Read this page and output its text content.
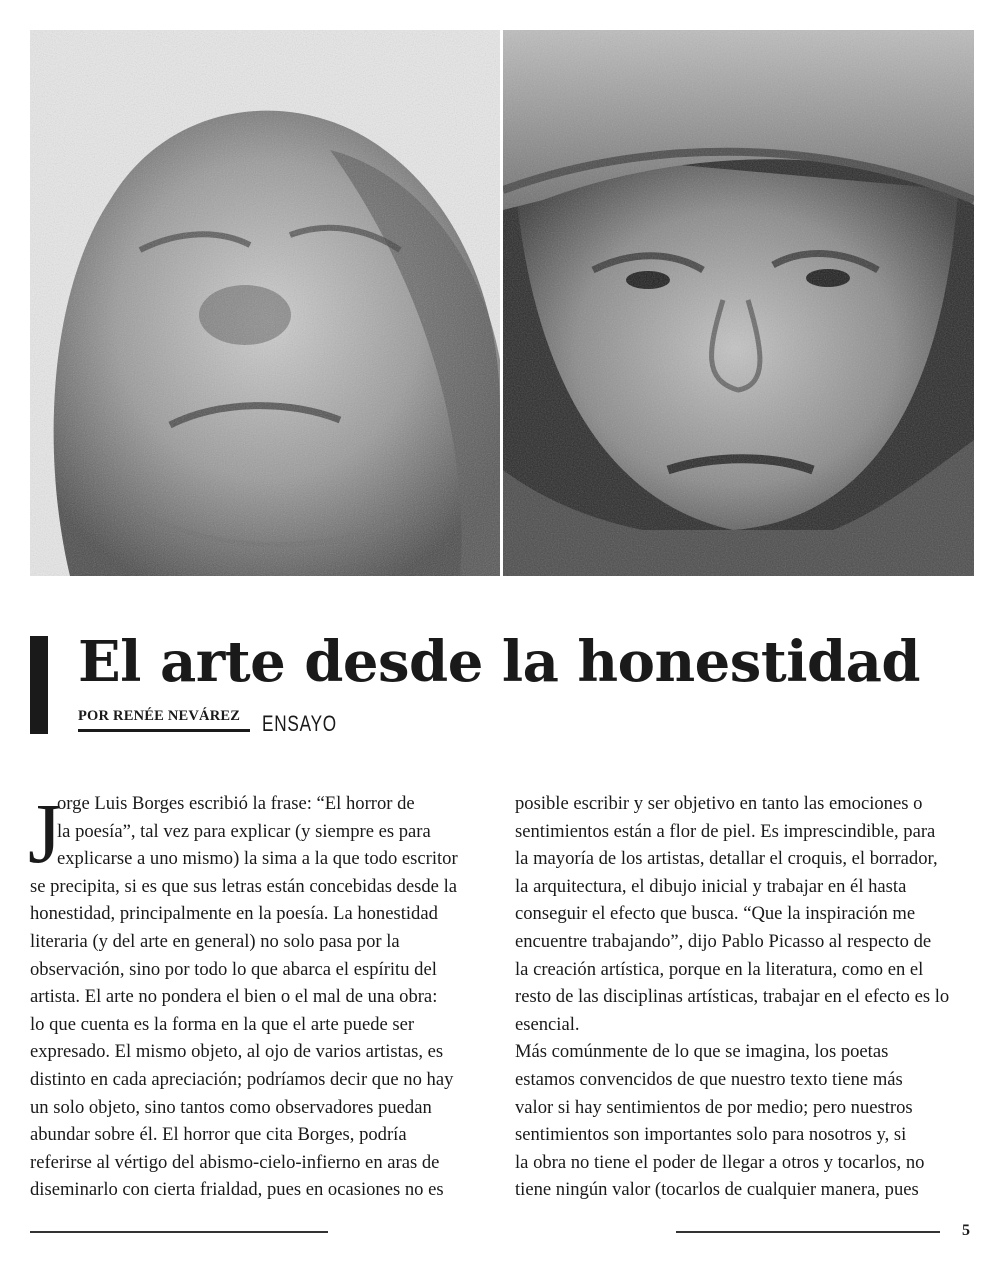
El arte desde la honestidad
POR RENÉE NEVÁREZ ENSAYO
J
orge Luis Borges escribió la frase: “El horror de
la poesía”, tal vez para explicar (y siempre es para
explicarse a uno mismo) la sima a la que todo escritor
se precipita, si es que sus letras están concebidas desde la
honestidad, principalmente en la poesía. La honestidad
literaria (y del arte en general) no solo pasa por la
observación, sino por todo lo que abarca el espíritu del
artista. El arte no pondera el bien o el mal de una obra:
lo que cuenta es la forma en la que el arte puede ser
expresado. El mismo objeto, al ojo de varios artistas, es
distinto en cada apreciación; podríamos decir que no hay
un solo objeto, sino tantos como observadores puedan
abundar sobre él. El horror que cita Borges, podría
referirse al vértigo del abismo-cielo-infierno en aras de
diseminarlo con cierta frialdad, pues en ocasiones no es
posible escribir y ser objetivo en tanto las emociones o
sentimientos están a flor de piel. Es imprescindible, para
la mayoría de los artistas, detallar el croquis, el borrador,
la arquitectura, el dibujo inicial y trabajar en él hasta
conseguir el efecto que busca. “Que la inspiración me
encuentre trabajando”, dijo Pablo Picasso al respecto de
la creación artística, porque en la literatura, como en el
resto de las disciplinas artísticas, trabajar en el efecto es lo
esencial.
Más comúnmente de lo que se imagina, los poetas
estamos convencidos de que nuestro texto tiene más
valor si hay sentimientos de por medio; pero nuestros
sentimientos son importantes solo para nosotros y, si
la obra no tiene el poder de llegar a otros y tocarlos, no
tiene ningún valor (tocarlos de cualquier manera, pues
5
